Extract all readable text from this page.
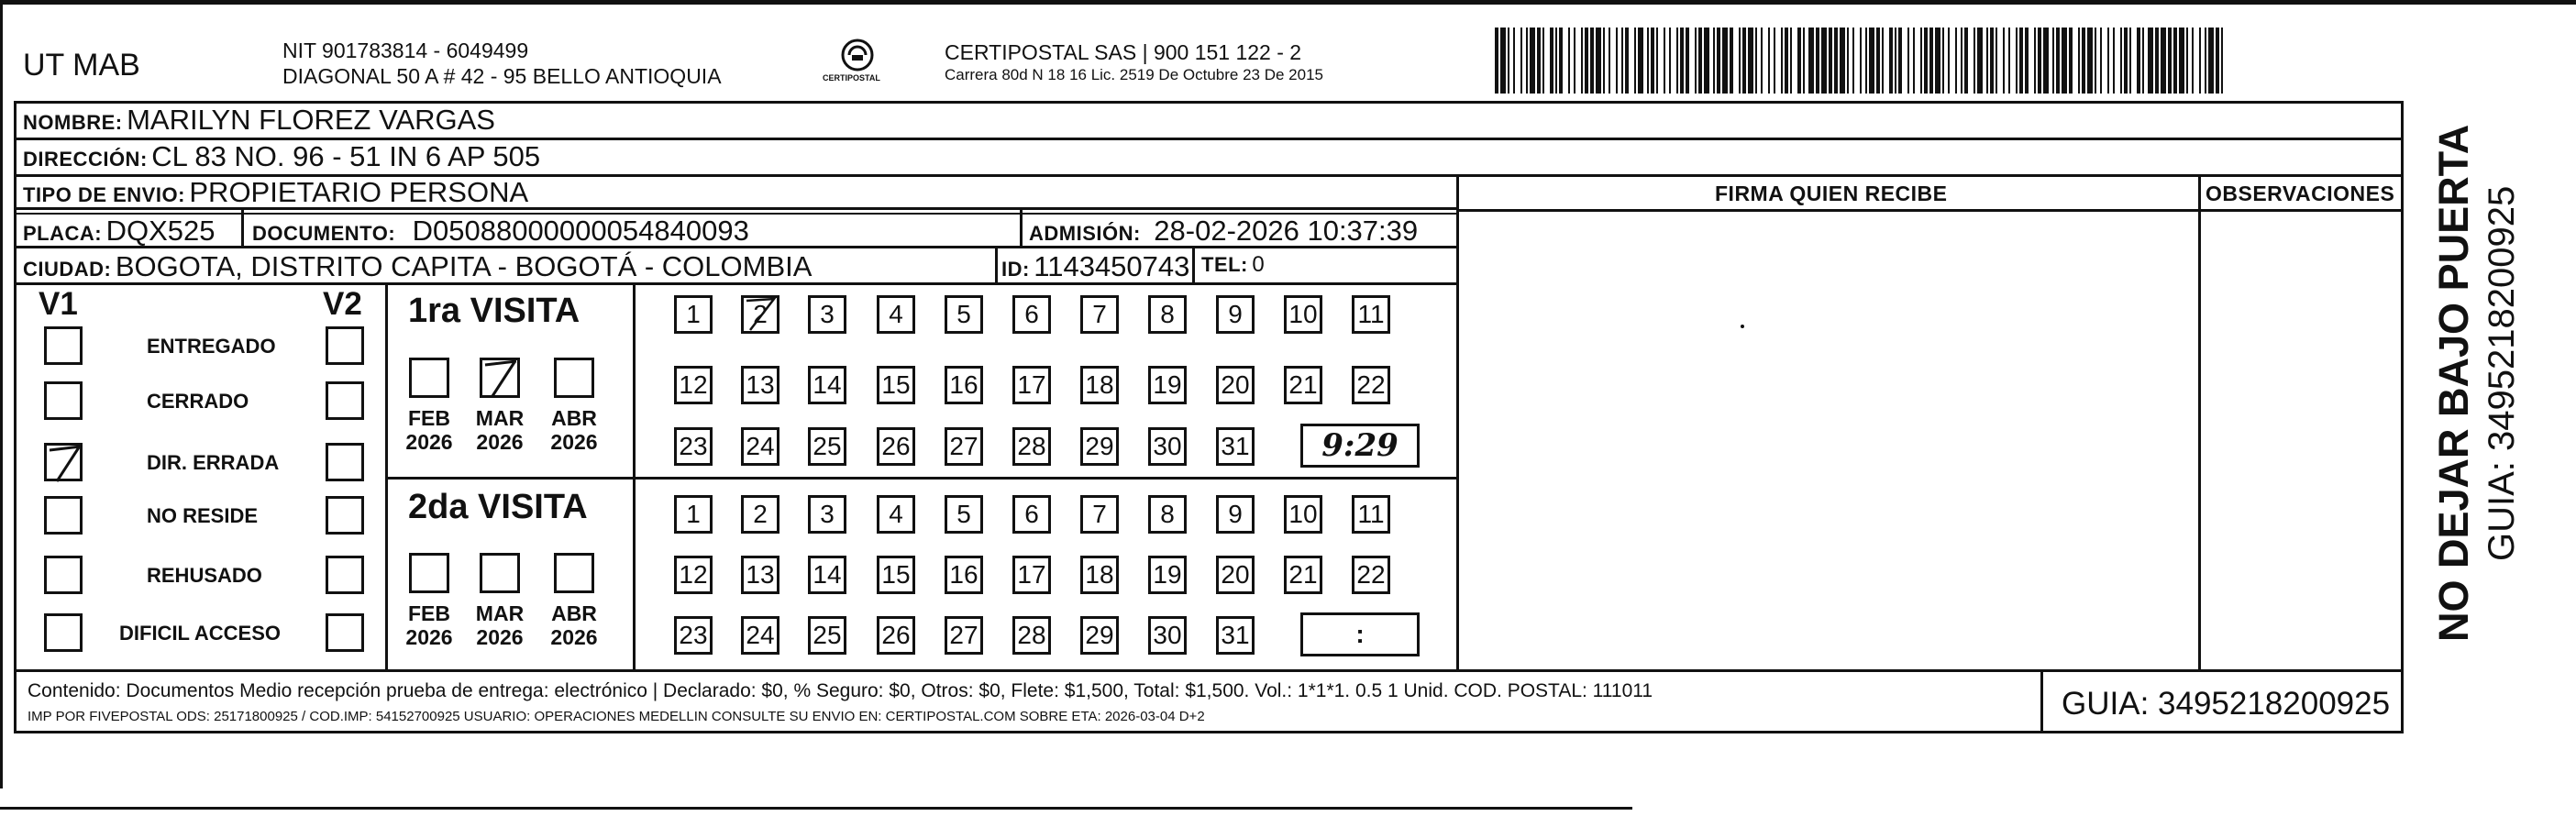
UT MAB	NIT 901783814 - 6049499
DIAGONAL 50 A # 42 - 95 BELLO ANTIOQUIA	CERTIPOSTAL
CERTIPOSTAL SAS | 900 151 122 - 2
Carrera 80d N 18 16 Lic. 2519 De Octubre 23 De 2015
NOMBRE: MARILYN FLOREZ VARGAS
DIRECCIÓN: CL 83 NO. 96 - 51 IN 6 AP 505
TIPO DE ENVIO: PROPIETARIO PERSONA
PLACA: DQX525 DOCUMENTO: D05088000000054840093	ADMISIÓN: 28-02-2026 10:37:39
CIUDAD: BOGOTA, DISTRITO CAPITA - BOGOTÁ - COLOMBIA	ID: 1143450743 TEL: 0
FIRMA QUIEN RECIBE	OBSERVACIONES
V1	V2
ENTREGADO
CERRADO
DIR. ERRADA
NO RESIDE
REHUSADO
DIFICIL ACCESO
1ra VISITA
FEB
2026
MAR
2026
ABR
2026
1	2	3	4	5	6	7	8	9	10 11
12 13 14 15 16 17 18 19 20 21 22
23 24 25 26 27 28 29 30 31	9:29
2da VISITA
FEB
2026
MAR
2026
ABR
2026
1	2	3	4	5	6	7	8	9	10 11
12 13 14 15 16 17 18 19 20 21 22
23 24 25 26 27 28 29 30 31	:
Contenido: Documentos Medio recepción prueba de entrega: electrónico | Declarado: $0, % Seguro: $0, Otros: $0, Flete: $1,500, Total: $1,500. Vol.: 1*1*1. 0.5 1 Unid. COD. POSTAL: 111011
IMP POR FIVEPOSTAL ODS: 25171800925 / COD.IMP: 54152700925 USUARIO: OPERACIONES MEDELLIN CONSULTE SU ENVIO EN: CERTIPOSTAL.COM SOBRE ETA: 2026-03-04 D+2	GUIA: 3495218200925
NO DEJAR BAJO PUERTA GUIA: 3495218200925
